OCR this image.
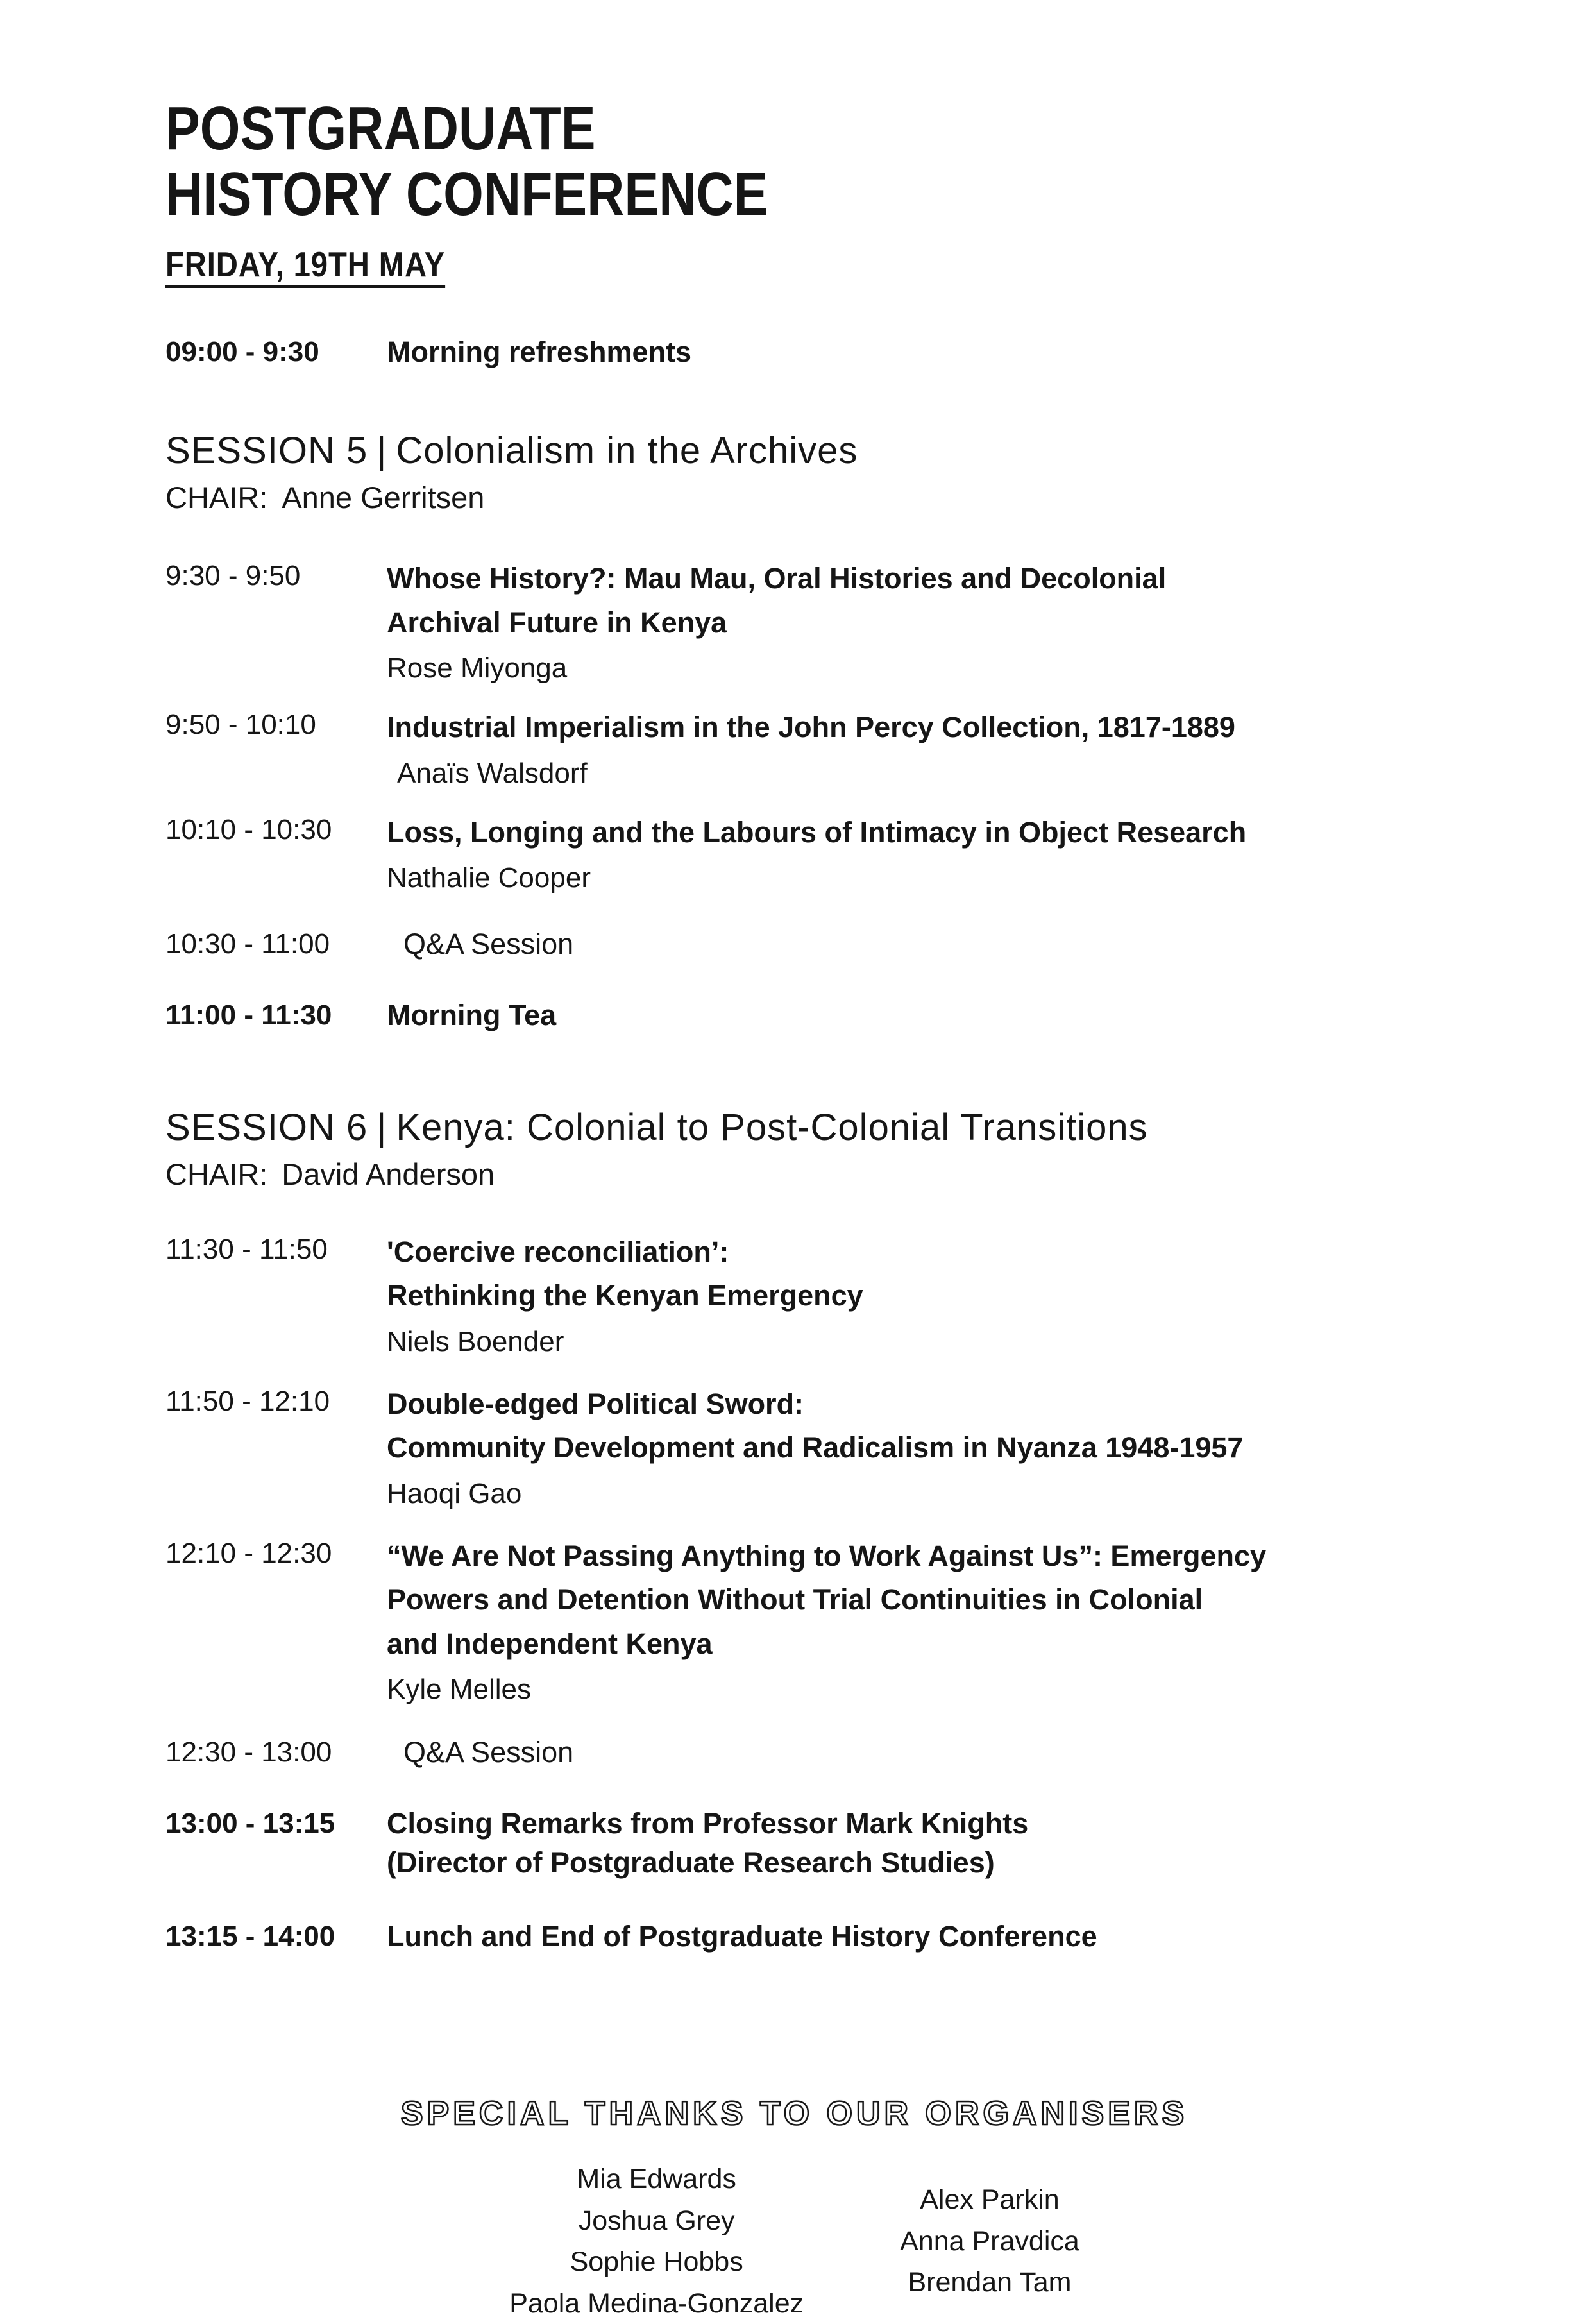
POSTGRADUATE
HISTORY CONFERENCE
FRIDAY, 19TH MAY
09:00 - 9:30	Morning refreshments
SESSION 5 | Colonialism in the Archives
CHAIR: Anne Gerritsen
9:30 - 9:50	Whose History?: Mau Mau, Oral Histories and Decolonial
Archival Future in Kenya
Rose Miyonga
9:50 - 10:10	Industrial Imperialism in the John Percy Collection, 1817-1889
Anaïs Walsdorf
10:10 - 10:30	Loss, Longing and the Labours of Intimacy in Object Research
Nathalie Cooper
10:30 - 11:00	Q&A Session
11:00 - 11:30	Morning Tea
SESSION 6 | Kenya: Colonial to Post-Colonial Transitions
CHAIR: David Anderson
11:30 - 11:50	'Coercive reconciliation’:
Rethinking the Kenyan Emergency
Niels Boender
11:50 - 12:10	Double-edged Political Sword:
Community Development and Radicalism in Nyanza 1948-1957
Haoqi Gao
12:10 - 12:30	“We Are Not Passing Anything to Work Against Us”: Emergency
Powers and Detention Without Trial Continuities in Colonial
and Independent Kenya
Kyle Melles
12:30 - 13:00	Q&A Session
13:00 - 13:15	Closing Remarks from Professor Mark Knights
(Director of Postgraduate Research Studies)
13:15 - 14:00	Lunch and End of Postgraduate History Conference
SPECIAL THANKS TO OUR ORGANISERS
Mia Edwards
Joshua Grey
Sophie Hobbs
Paola Medina-Gonzalez
Alex Parkin
Anna Pravdica
Brendan Tam
